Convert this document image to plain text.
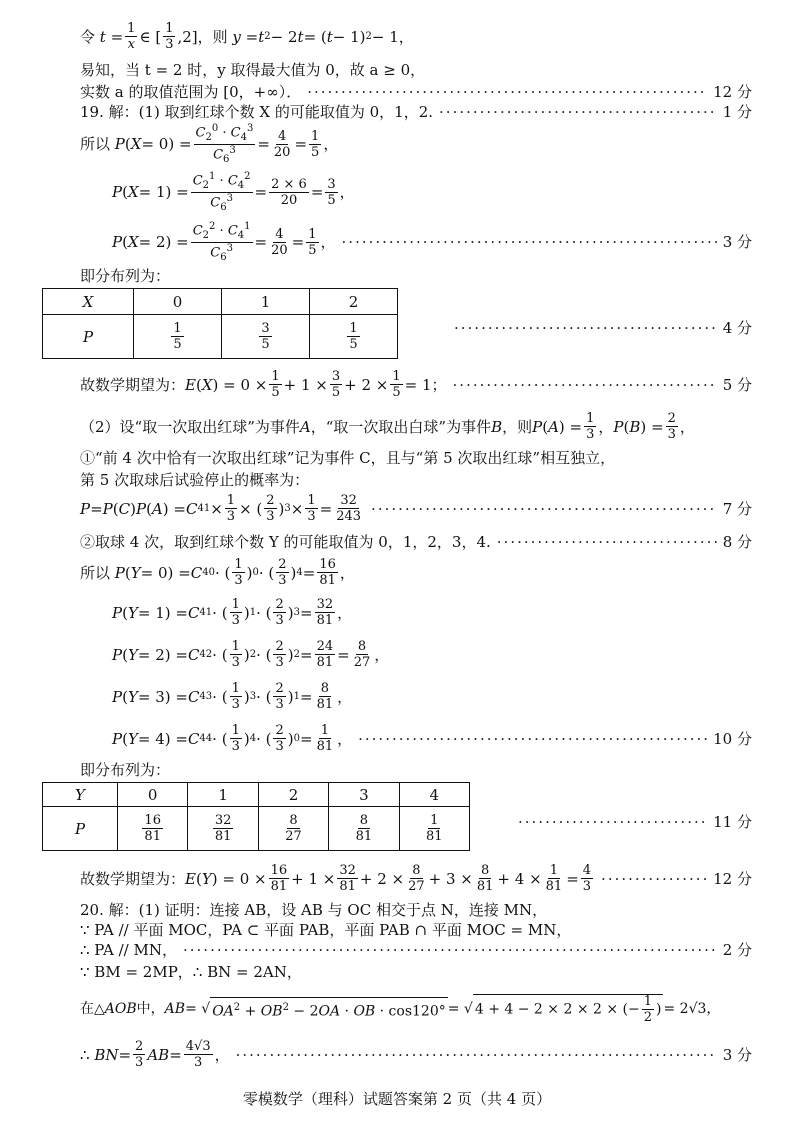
令 $t = \frac{1}{x}$ ∈ [ $\frac{1}{3} ,2$]，则 y = t 2 − 2 t = ( t − 1) 2 − 1，
易知，当 t = 2 时，y 取得最大值为 0，故 a ≥ 0，
实数 a 的取值范围为 [0，+∞）． ·····	12 分
19. 解：(1) 取到红球个数 X 的可能取值为 0，1，2. ·····	1 分
所以 P ( $X = 0) = \frac{C_2^0 \cdot C_4^3}{C_6^3} = \frac{4}{20} = \frac{1}{5}$ ，
P ( $X = 1) = \frac{C_2^1 \cdot C_4^2}{C_6^3} = \frac{2 \times 6}{20} = \frac{3}{5}$ ，
P ( $X = 2) = \frac{C_2^2 \cdot C_4^1}{C_6^3} = \frac{4}{20} = \frac{1}{5}$ ， ·····	3 分
即分布列为：
X	0	1	2
P	$\frac{1}{5}$	$\frac{3}{5}$	$\frac{1}{5}$ ·····	4 分
故数学期望为： E ( X ) = $0 \times \frac{1}{5} + 1 \times \frac{3}{5} + 2 \times \frac{1}{5} = 1$； ·····	5 分
（2）设“取一次取出红球”为事件 A ，“取一次取出白球”为事件 B ，则 P ( A ) = $\frac{1}{3}$ ， P ( B ) = $\frac{2}{3}$ ，
①“前 4 次中恰有一次取出红球”记为事件 C，且与“第 5 次取出红球”相互独立，
第 5 次取球后试验停止的概率为：
P = P ( C ) P ( A ) = C 4 $1 \times \frac{1}{3}$ × ( $\frac{2}{3}$ ) $3 \times \frac{1}{3} = \frac{32}{243}$ ·····	7 分
②取球 4 次，取到红球个数 Y 的可能取值为 0，1，2，3，4. ·····	8 分
所以 P ( Y = 0) = C 4 0 · ( $\frac{1}{3}$ ) 0 · ( $\frac{2}{3}$ ) $4 = \frac{16}{81}$ ，
P ( Y = 1) = C 4 1 · ( $\frac{1}{3}$ ) 1 · ( $\frac{2}{3}$ ) $3 = \frac{32}{81}$ ，
P ( Y = 2) = C 4 2 · ( $\frac{1}{3}$ ) 2 · ( $\frac{2}{3}$ ) $2 = \frac{24}{81} = \frac{8}{27}$ ，
P ( Y = 3) = C 4 3 · ( $\frac{1}{3}$ ) 3 · ( $\frac{2}{3}$ ) $1 = \frac{8}{81}$ ，
P ( Y = 4) = C 4 4 · ( $\frac{1}{3}$ ) 4 · ( $\frac{2}{3}$ ) $0 = \frac{1}{81}$ ， ·····	10 分
即分布列为：
Y	0	1	2	3	4
P	$\frac{16}{81}$	$\frac{32}{81}$	$\frac{8}{27}$	$\frac{8}{81}$	$\frac{1}{81}$ ·····	11 分
故数学期望为： E ( Y ) = $0 \times \frac{16}{81} + 1 \times \frac{32}{81} + 2 \times \frac{8}{27} + 3 \times \frac{8}{81} + 4 \times \frac{1}{81} = \frac{4}{3}$ ·····	12 分
20. 解：(1) 证明：连接 AB，设 AB 与 OC 相交于点 N，连接 MN，
∵ PA // 平面 MOC，PA ⊂ 平面 PAB，平面 PAB ∩ 平面 MOC = MN，
∴ PA // MN， ·····	2 分
∵ BM = 2MP，∴ BN = 2AN，
在△ AOB 中， AB = √ $OA^2 + OB^2 - 2OA$ · OB · cos120° = √ 4 + 4 − 2 × 2 × 2 × (− $\frac{1}{2}$ ) = 2√3，
∴ BN = $\frac{2}{3}$ AB = $\frac{4√3}{3}$ ， ·····	3 分
零模数学（理科）试题答案第 2 页（共 4 页）
